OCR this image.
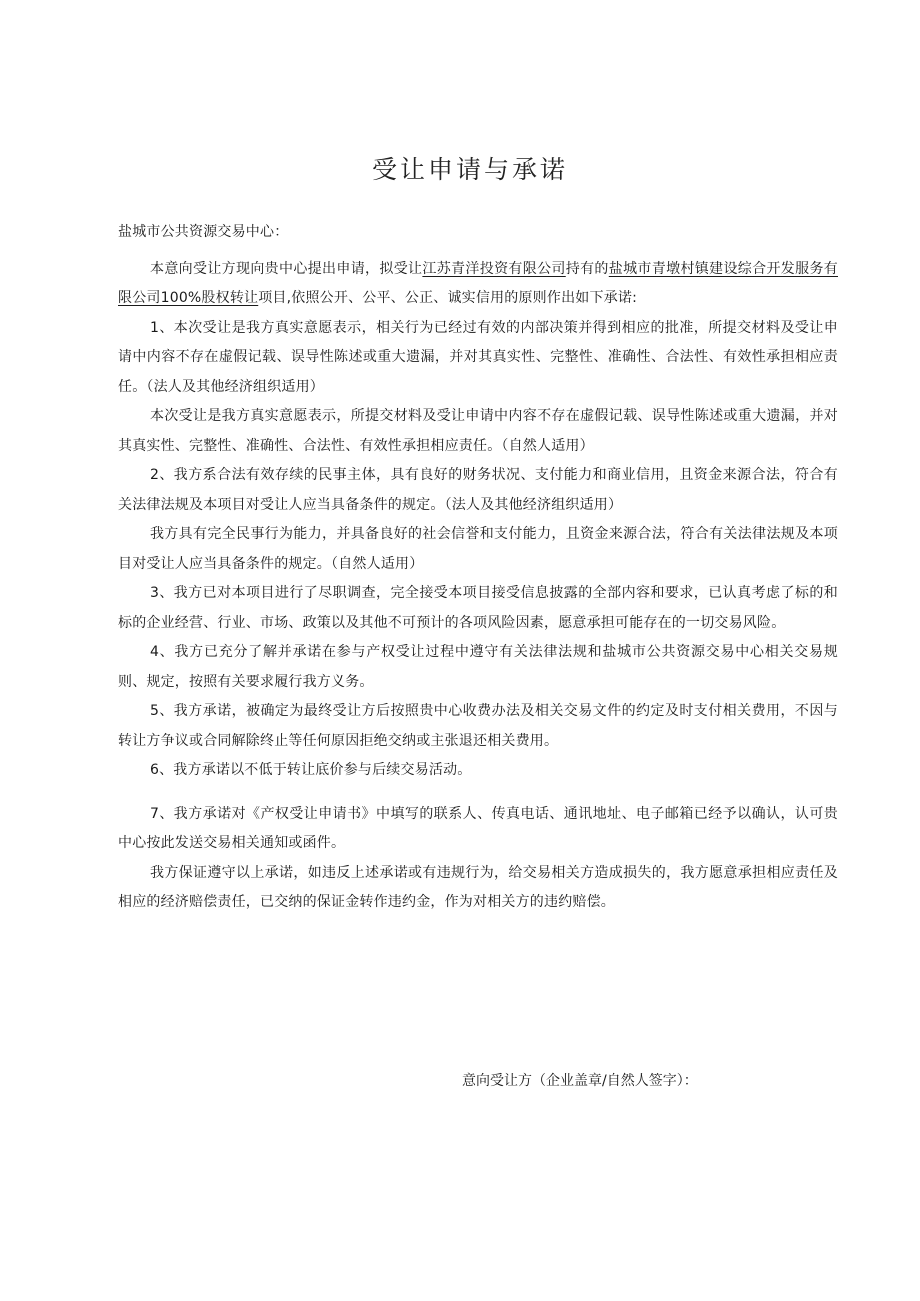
受让申请与承诺

盐城市公共资源交易中心：

本意向受让方现向贵中心提出申请，拟受让江苏青洋投资有限公司持有的盐城市青墩村镇建设综合开发服务有限公司100%股权转让项目,依照公开、公平、公正、诚实信用的原则作出如下承诺:

1、本次受让是我方真实意愿表示，相关行为已经过有效的内部决策并得到相应的批准，所提交材料及受让申请中内容不存在虚假记载、误导性陈述或重大遗漏，并对其真实性、完整性、准确性、合法性、有效性承担相应责任。（法人及其他经济组织适用）

本次受让是我方真实意愿表示，所提交材料及受让申请中内容不存在虚假记载、误导性陈述或重大遗漏，并对其真实性、完整性、准确性、合法性、有效性承担相应责任。（自然人适用）

2、我方系合法有效存续的民事主体，具有良好的财务状况、支付能力和商业信用，且资金来源合法，符合有关法律法规及本项目对受让人应当具备条件的规定。（法人及其他经济组织适用）

我方具有完全民事行为能力，并具备良好的社会信誉和支付能力，且资金来源合法，符合有关法律法规及本项目对受让人应当具备条件的规定。（自然人适用）

3、我方已对本项目进行了尽职调查，完全接受本项目接受信息披露的全部内容和要求，已认真考虑了标的和标的企业经营、行业、市场、政策以及其他不可预计的各项风险因素，愿意承担可能存在的一切交易风险。

4、我方已充分了解并承诺在参与产权受让过程中遵守有关法律法规和盐城市公共资源交易中心相关交易规则、规定，按照有关要求履行我方义务。

5、我方承诺，被确定为最终受让方后按照贵中心收费办法及相关交易文件的约定及时支付相关费用，不因与转让方争议或合同解除终止等任何原因拒绝交纳或主张退还相关费用。

6、我方承诺以不低于转让底价参与后续交易活动。

7、我方承诺对《产权受让申请书》中填写的联系人、传真电话、通讯地址、电子邮箱已经予以确认，认可贵中心按此发送交易相关通知或函件。

我方保证遵守以上承诺，如违反上述承诺或有违规行为，给交易相关方造成损失的，我方愿意承担相应责任及相应的经济赔偿责任，已交纳的保证金转作违约金，作为对相关方的违约赔偿。

意向受让方（企业盖章/自然人签字）：
